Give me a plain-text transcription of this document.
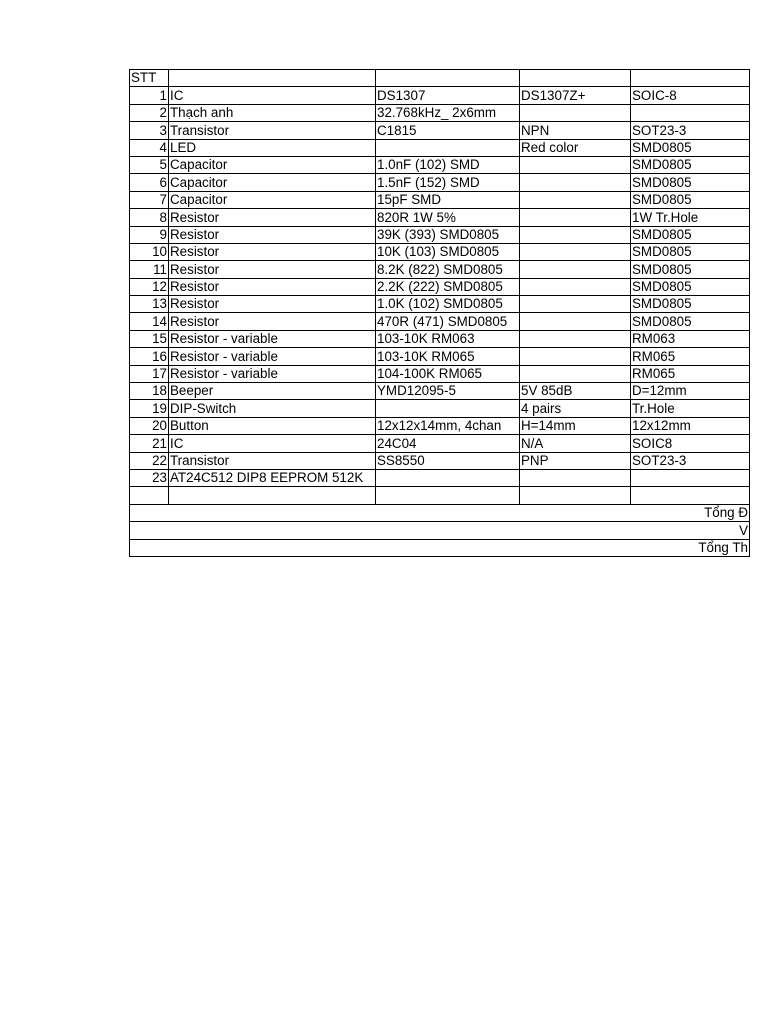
STT				
1	IC	DS1307	DS1307Z+	SOIC-8
2	Thạch anh	32.768kHz_ 2x6mm		
3	Transistor	C1815	NPN	SOT23-3
4	LED		Red color	SMD0805
5	Capacitor	1.0nF (102) SMD		SMD0805
6	Capacitor	1.5nF (152) SMD		SMD0805
7	Capacitor	15pF SMD		SMD0805
8	Resistor	820R 1W 5%		1W Tr.Hole
9	Resistor	39K (393) SMD0805		SMD0805
10	Resistor	10K (103) SMD0805		SMD0805
11	Resistor	8.2K (822) SMD0805		SMD0805
12	Resistor	2.2K (222) SMD0805		SMD0805
13	Resistor	1.0K (102) SMD0805		SMD0805
14	Resistor	470R (471) SMD0805		SMD0805
15	Resistor - variable	103-10K RM063		RM063
16	Resistor - variable	103-10K RM065		RM065
17	Resistor - variable	104-100K RM065		RM065
18	Beeper	YMD12095-5	5V 85dB	D=12mm
19	DIP-Switch		4 pairs	Tr.Hole
20	Button	12x12x14mm, 4chan	H=14mm	12x12mm
21	IC	24C04	N/A	SOIC8
22	Transistor	SS8550	PNP	SOT23-3
23	AT24C512 DIP8 EEPROM 512K			

Tổng Đ				
V				
Tổng Th				
